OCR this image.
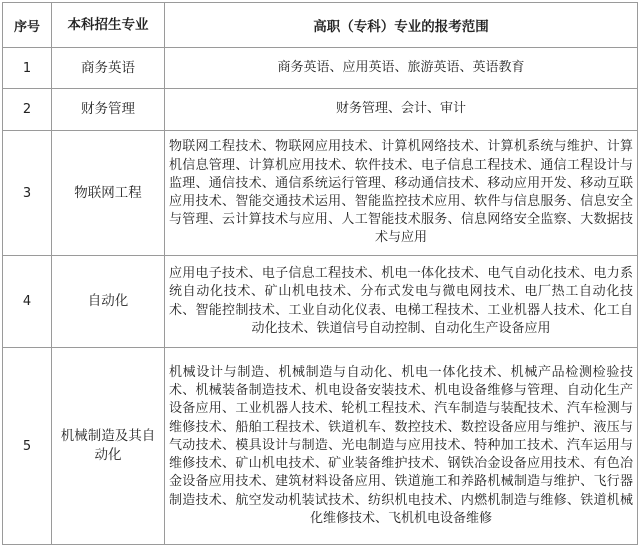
序号	本科招生专业	高职（专科）专业的报考范围
1	商务英语	商务英语、应用英语、旅游英语、英语教育
2	财务管理	财务管理、会计、审计
3	物联网工程	物联网工程技术、物联网应用技术、计算机网络技术、计算机系统与维护、计算机信息管理、计算机应用技术、软件技术、电子信息工程技术、通信工程设计与监理、通信技术、通信系统运行管理、移动通信技术、移动应用开发、移动互联应用技术、智能交通技术运用、智能监控技术应用、软件与信息服务、信息安全与管理、云计算技术与应用、人工智能技术服务、信息网络安全监察、大数据技术与应用
4	自动化	应用电子技术、电子信息工程技术、机电一体化技术、电气自动化技术、电力系统自动化技术、矿山机电技术、分布式发电与微电网技术、电厂热工自动化技术、智能控制技术、工业自动化仪表、电梯工程技术、工业机器人技术、化工自动化技术、铁道信号自动控制、自动化生产设备应用
5	机械制造及其自动化	机械设计与制造、机械制造与自动化、机电一体化技术、机械产品检测检验技术、机械装备制造技术、机电设备安装技术、机电设备维修与管理、自动化生产设备应用、工业机器人技术、轮机工程技术、汽车制造与装配技术、汽车检测与维修技术、船舶工程技术、铁道机车、数控技术、数控设备应用与维护、液压与气动技术、模具设计与制造、光电制造与应用技术、特种加工技术、汽车运用与维修技术、矿山机电技术、矿业装备维护技术、钢铁冶金设备应用技术、有色冶金设备应用技术、建筑材料设备应用、铁道施工和养路机械制造与维护、飞行器制造技术、航空发动机装试技术、纺织机电技术、内燃机制造与维修、铁道机械化维修技术、飞机机电设备维修
